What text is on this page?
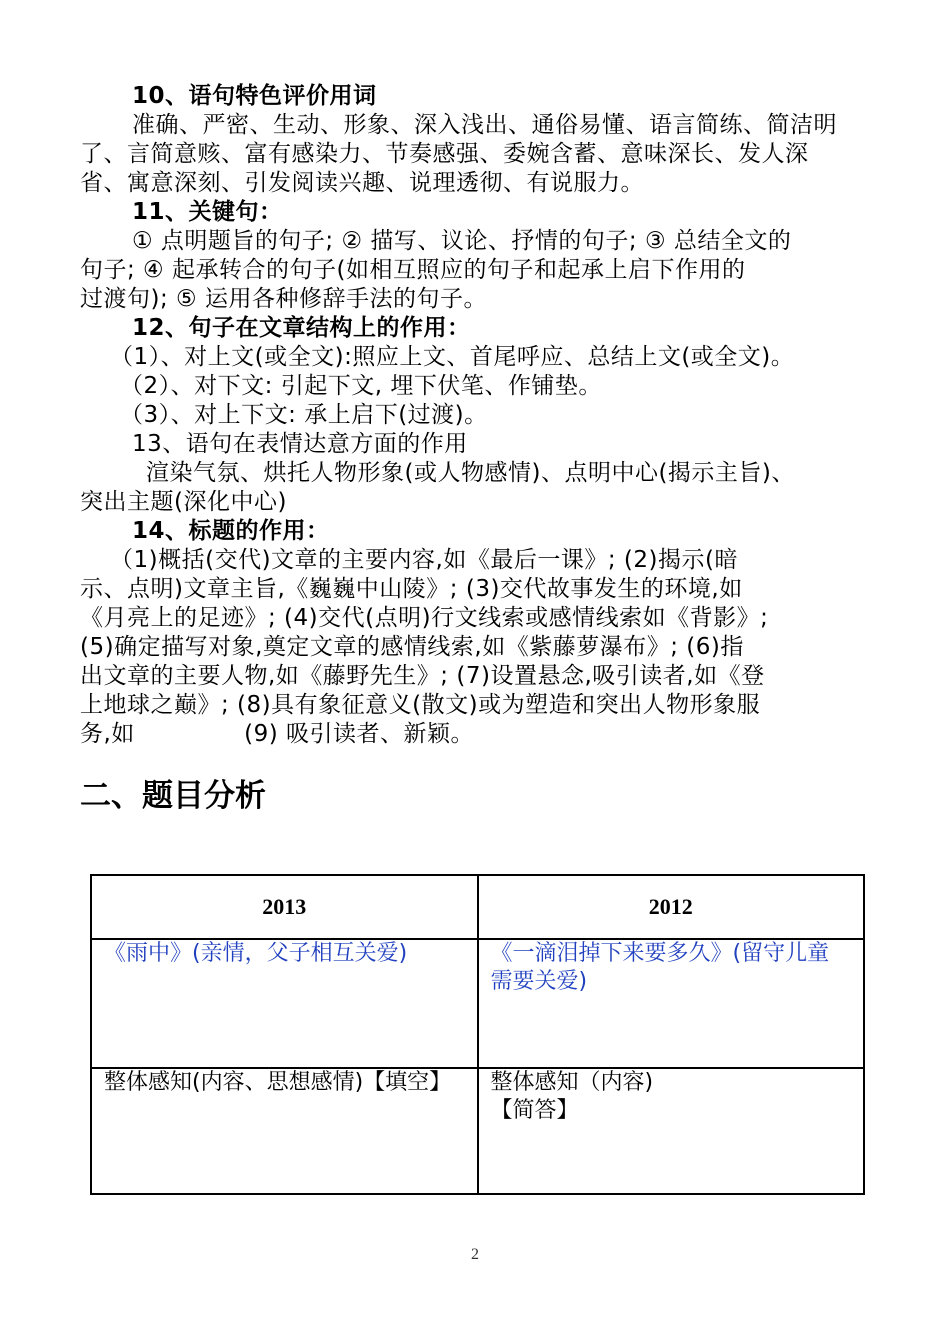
10、语句特色评价用词
准确、严密、生动、形象、深入浅出、通俗易懂、语言简练、简洁明
了、言简意赅、富有感染力、节奏感强、委婉含蓄、意味深长、发人深
省、寓意深刻、引发阅读兴趣、说理透彻、有说服力。
11、关键句：
① 点明题旨的句子; ② 描写、议论、抒情的句子; ③ 总结全文的
句子; ④ 起承转合的句子(如相互照应的句子和起承上启下作用的
过渡句); ⑤ 运用各种修辞手法的句子。
12、句子在文章结构上的作用：
（1）、对上文(或全文):照应上文、首尾呼应、总结上文(或全文)。
（2）、对下文: 引起下文, 埋下伏笔、作铺垫。
（3）、对上下文: 承上启下(过渡)。
13、语句在表情达意方面的作用
渲染气氛、烘托人物形象(或人物感情)、点明中心(揭示主旨)、
突出主题(深化中心)
14、标题的作用：
（1)概括(交代)文章的主要内容,如《最后一课》; (2)揭示(暗
示、点明)文章主旨,《巍巍中山陵》; (3)交代故事发生的环境,如
《月亮上的足迹》; (4)交代(点明)行文线索或感情线索如《背影》;
(5)确定描写对象,奠定文章的感情线索,如《紫藤萝瀑布》; (6)指
出文章的主要人物,如《藤野先生》; (7)设置悬念,吸引读者,如《登
上地球之巅》; (8)具有象征意义(散文)或为塑造和突出人物形象服
务,如              (9) 吸引读者、新颖。
二、题目分析
2013	2012

《雨中》(亲情，父子相互关爱)	《一滴泪掉下来要多久》(留守儿童需要关爱)

整体感知(内容、思想感情)【填空】	整体感知（内容)
【简答】
2
